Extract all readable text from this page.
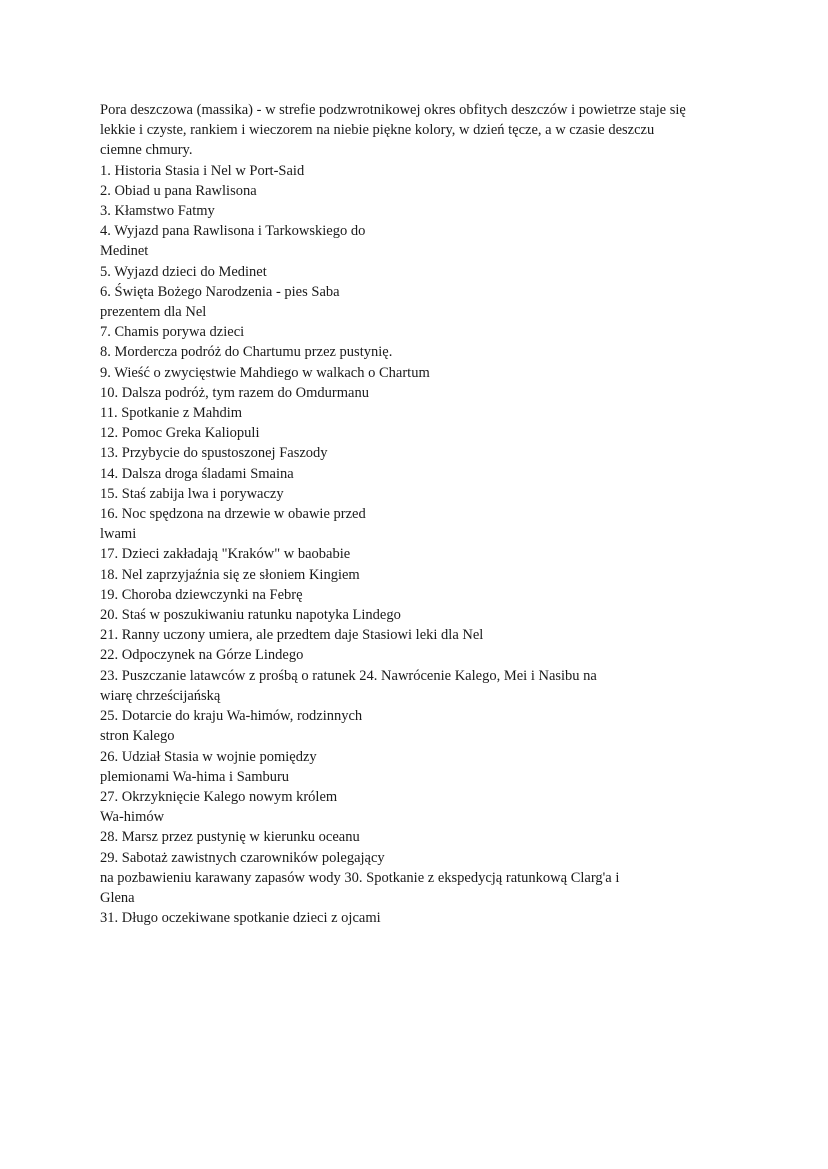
Pora deszczowa (massika) - w strefie podzwrotnikowej okres obfitych deszczów i powietrze staje się
lekkie i czyste, rankiem i wieczorem na niebie piękne kolory, w dzień tęcze, a w czasie deszczu
ciemne chmury.
1. Historia Stasia i Nel w Port-Said
2. Obiad u pana Rawlisona
3. Kłamstwo Fatmy
4. Wyjazd pana Rawlisona i Tarkowskiego do
Medinet
5. Wyjazd dzieci do Medinet
6. Święta Bożego Narodzenia - pies Saba
prezentem dla Nel
7. Chamis porywa dzieci
8. Mordercza podróż do Chartumu przez pustynię.
9. Wieść o zwycięstwie Mahdiego w walkach o Chartum
10. Dalsza podróż, tym razem do Omdurmanu
11. Spotkanie z Mahdim
12. Pomoc Greka Kaliopuli
13. Przybycie do spustoszonej Faszody
14. Dalsza droga śladami Smaina
15. Staś zabija lwa i porywaczy
16. Noc spędzona na drzewie w obawie przed
lwami
17. Dzieci zakładają "Kraków" w baobabie
18. Nel zaprzyjaźnia się ze słoniem Kingiem
19. Choroba dziewczynki na Febrę
20. Staś w poszukiwaniu ratunku napotyka Lindego
21. Ranny uczony umiera, ale przedtem daje Stasiowi leki dla Nel
22. Odpoczynek na Górze Lindego
23. Puszczanie latawców z prośbą o ratunek 24. Nawrócenie Kalego, Mei i Nasibu na
wiarę chrześcijańską
25. Dotarcie do kraju Wa-himów, rodzinnych
stron Kalego
26. Udział Stasia w wojnie pomiędzy
plemionami Wa-hima i Samburu
27. Okrzyknięcie Kalego nowym królem
Wa-himów
28. Marsz przez pustynię w kierunku oceanu
29. Sabotaż zawistnych czarowników polegający
na pozbawieniu karawany zapasów wody 30. Spotkanie z ekspedycją ratunkową Clarg'a i
Glena
31. Długo oczekiwane spotkanie dzieci z ojcami
